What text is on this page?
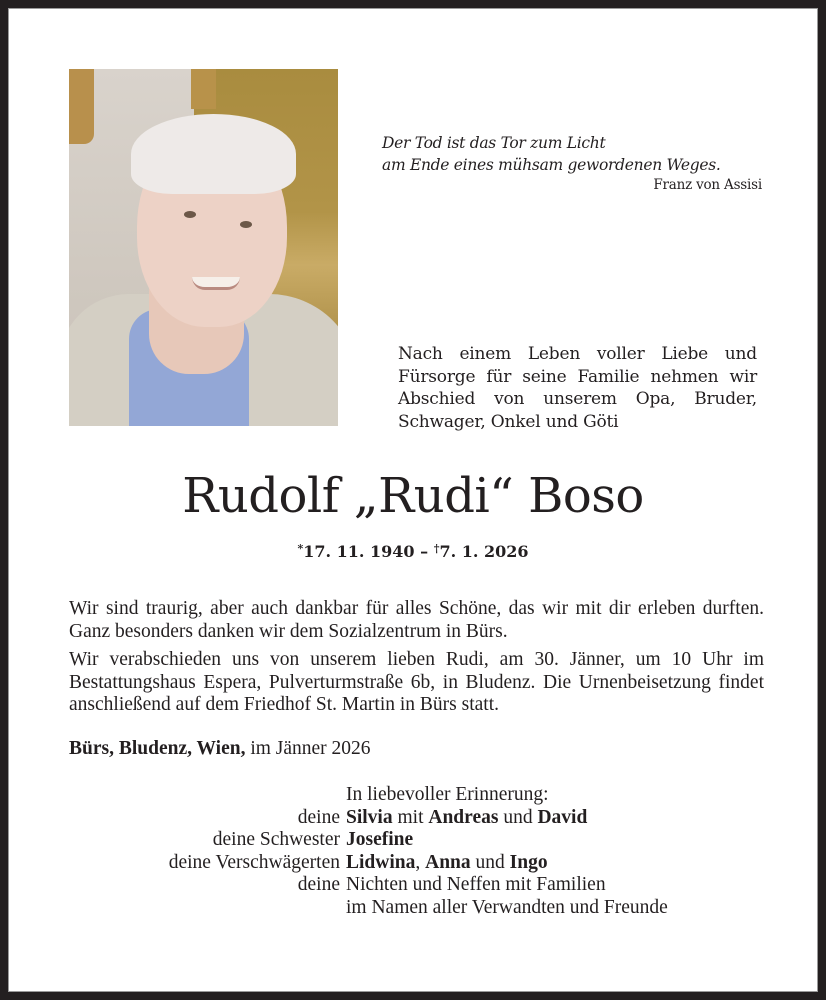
Der Tod ist das Tor zum Licht
am Ende eines mühsam gewordenen Weges.
Franz von Assisi
Nach einem Leben voller Liebe und Fürsorge für seine Familie nehmen wir Abschied von unserem Opa, Bruder, Schwager, Onkel und Göti
Rudolf „Rudi“ Boso
*17. 11. 1940 – †7. 1. 2026

Wir sind traurig, aber auch dankbar für alles Schöne, das wir mit dir erleben durften. Ganz besonders danken wir dem Sozialzentrum in Bürs.

Wir verabschieden uns von unserem lieben Rudi, am 30. Jänner, um 10 Uhr im Bestattungshaus Espera, Pulverturmstraße 6b, in Bludenz. Die Urnenbeisetzung findet anschließend auf dem Friedhof St. Martin in Bürs statt.

Bürs, Bludenz, Wien, im Jänner 2026
In liebevoller Erinnerung:
deine Silvia mit Andreas und David
deine Schwester Josefine
deine Verschwägerten Lidwina, Anna und Ingo
deine Nichten und Neffen mit Familien
im Namen aller Verwandten und Freunde
